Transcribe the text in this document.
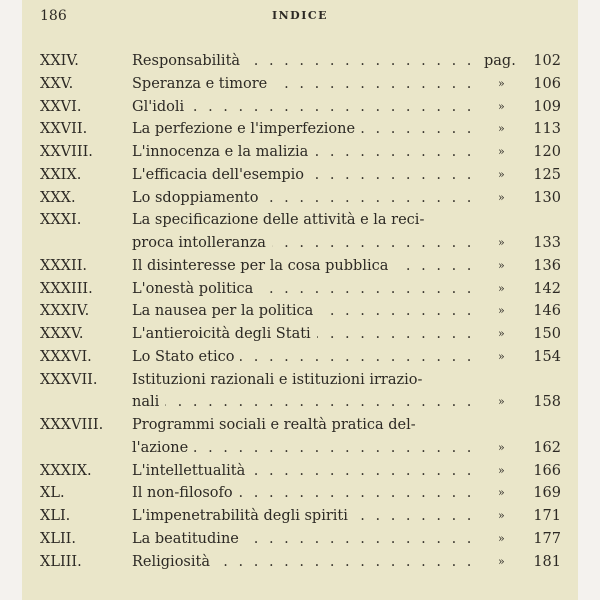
186	INDICE
XXIV.	. . . Responsabilità	pag. 102
XXV.	. . . Speranza e timore	» 106
XXVI.	. . . Gl'idoli	» 109
XXVII.	. . . La perfezione e l'imperfezione	» 113
XXVIII.	. . . L'innocenza e la malizia	» 120
XXIX.	. . . L'efficacia dell'esempio	» 125
XXX.	. . . Lo sdoppiamento	» 130
XXXI.	La specificazione delle attività e la reci-
. . . proca intolleranza	» 133
XXXII.	. . . Il disinteresse per la cosa pubblica	» 136
XXXIII.	. . . L'onestà politica	» 142
XXXIV.	. . . La nausea per la politica	» 146
XXXV.	. . . L'antieroicità degli Stati	» 150
XXXVI.	. . . Lo Stato etico	» 154
XXXVII. Istituzioni razionali e istituzioni irrazio-
. . . nali	» 158
XXXVIII. Programmi sociali e realtà pratica del-
. . . l'azione	» 162
XXXIX.	. . . L'intellettualità	» 166
XL.	. . . Il non-filosofo	» 169
XLI.	. . . L'impenetrabilità degli spiriti	» 171
XLII.	. . . La beatitudine	» 177
XLIII.	. . . Religiosità	» 181
